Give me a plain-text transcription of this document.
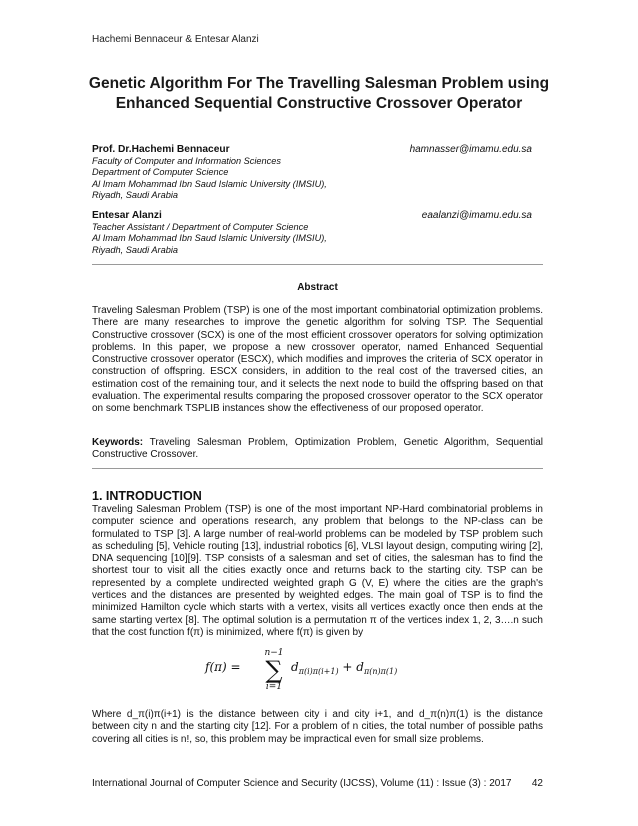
Hachemi Bennaceur & Entesar Alanzi
Genetic Algorithm For The Travelling Salesman Problem using Enhanced Sequential Constructive Crossover Operator
Prof. Dr.Hachemi Bennaceur	hamnasser@imamu.edu.sa
Faculty of Computer and Information Sciences
Department of Computer Science
Al Imam Mohammad Ibn Saud Islamic University (IMSIU),
Riyadh, Saudi Arabia
Entesar Alanzi	eaalanzi@imamu.edu.sa
Teacher Assistant / Department of Computer Science
Al Imam Mohammad Ibn Saud Islamic University (IMSIU),
Riyadh, Saudi Arabia
Abstract
Traveling Salesman Problem (TSP) is one of the most important combinatorial optimization problems. There are many researches to improve the genetic algorithm for solving TSP. The Sequential Constructive crossover (SCX) is one of the most efficient crossover operators for solving optimization problems. In this paper, we propose a new crossover operator, named Enhanced Sequential Constructive crossover operator (ESCX), which modifies and improves the criteria of SCX operator in construction of offspring. ESCX considers, in addition to the real cost of the traversed cities, an estimation cost of the remaining tour, and it selects the next node to build the offspring based on that evaluation. The experimental results comparing the proposed crossover operator to the SCX operator on some benchmark TSPLIB instances show the effectiveness of our proposed operator.
Keywords: Traveling Salesman Problem, Optimization Problem, Genetic Algorithm, Sequential Constructive Crossover.
1. INTRODUCTION
Traveling Salesman Problem (TSP) is one of the most important NP-Hard combinatorial problems in computer science and operations research, any problem that belongs to the NP-class can be formulated to TSP [3]. A large number of real-world problems can be modeled by TSP problem such as scheduling [5], Vehicle routing [13], industrial robotics [6], VLSI layout design, computing wiring [2], DNA sequencing [10][9]. TSP consists of a salesman and set of cities, the salesman has to find the shortest tour to visit all the cities exactly once and returns back to the starting city. TSP can be represented by a complete undirected weighted graph G (V, E) where the cities are the graph's vertices and the distances are presented by weighted edges. The main goal of TSP is to find the minimized Hamilton cycle which starts with a vertex, visits all vertices exactly once then ends at the same starting vertex [8]. The optimal solution is a permutation π of the vertices index 1, 2, 3….n such that the cost function f(π) is minimized, where f(π) is given by
f(π) =
n−1
∑
i=1
$d_{\pi(i)\pi(i+1)} + d_{\pi(n)\pi(1)}$
Where d_π(i)π(i+1) is the distance between city i and city i+1, and d_π(n)π(1) is the distance between city n and the starting city [12]. For a problem of n cities, the total number of possible paths covering all cities is n!, so, this problem may be impractical even for small size problems.
International Journal of Computer Science and Security (IJCSS), Volume (11) : Issue (3) : 2017 42
